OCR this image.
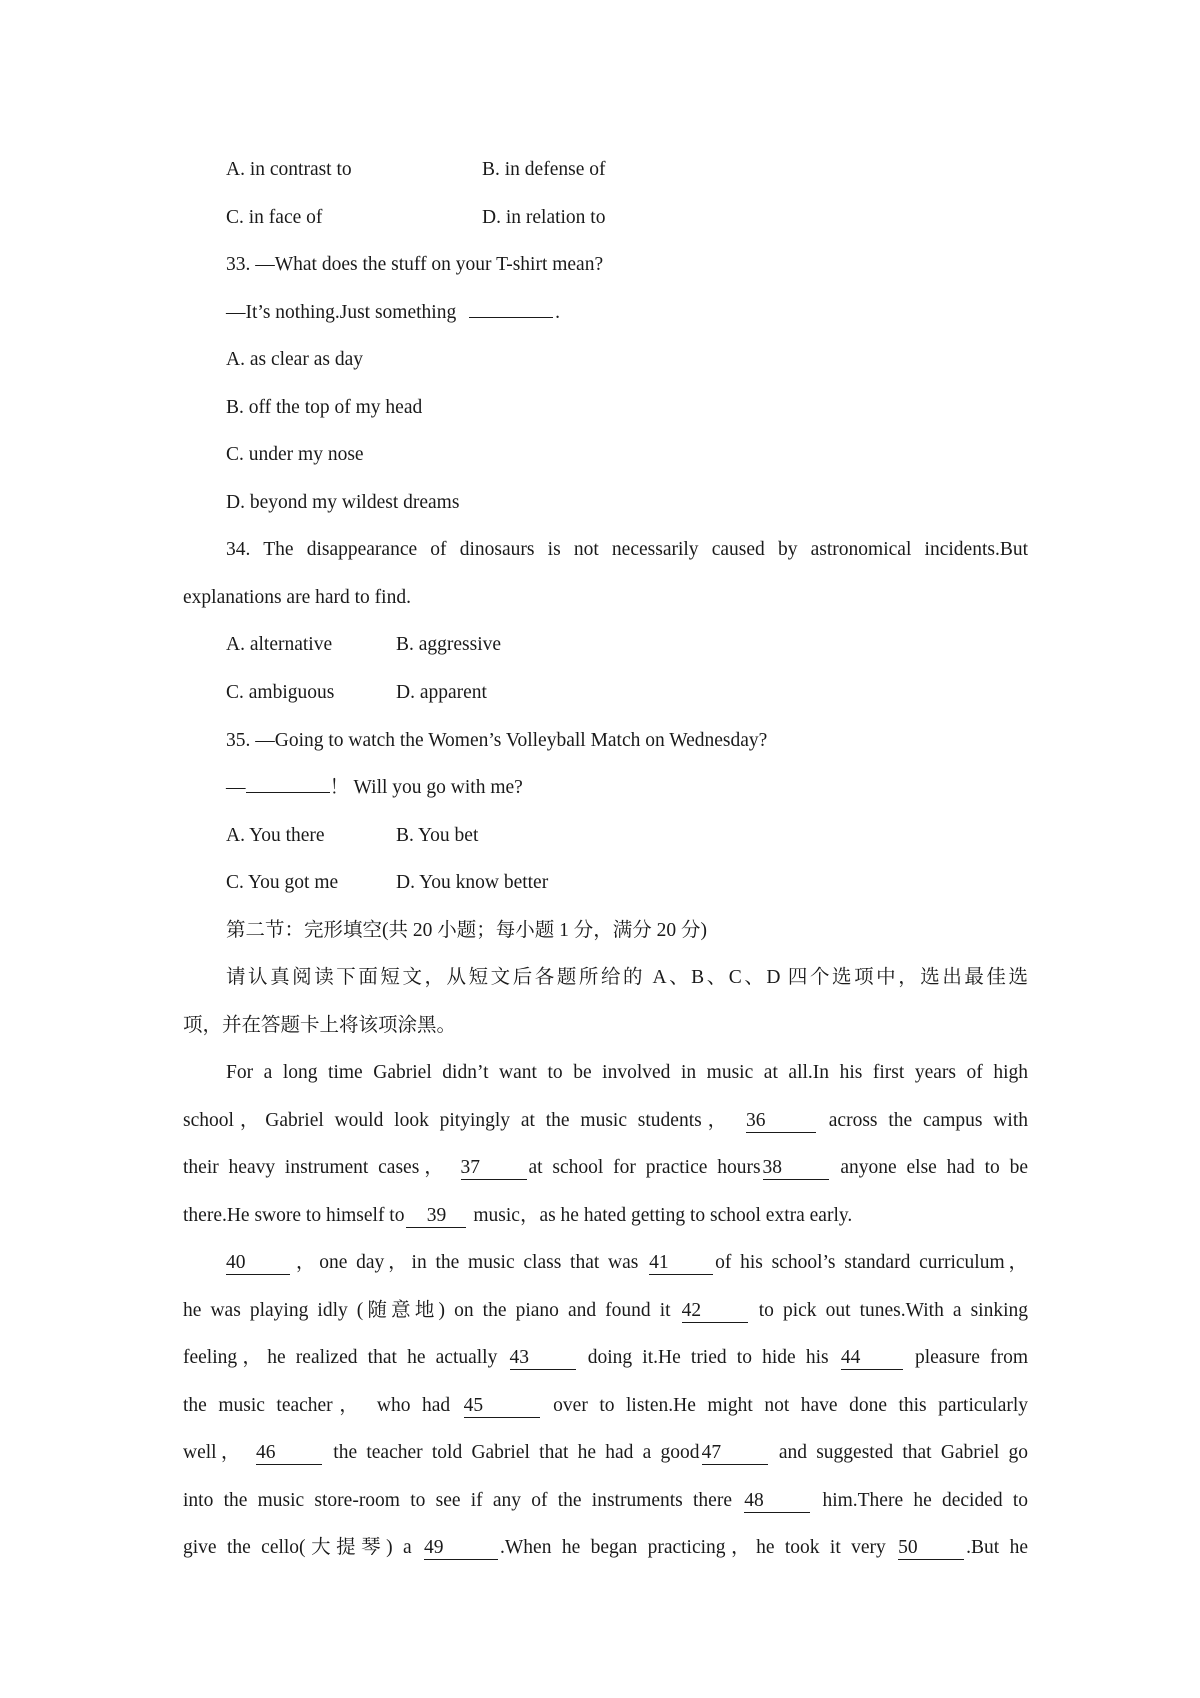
A. in contrast to	B. in defense of
C. in face of	D. in relation to
33. —What does the stuff on your T-shirt mean?
—It’s nothing.Just something	.
A. as clear as day
B. off the top of my head
C. under my nose
D. beyond my wildest dreams
34. The disappearance of dinosaurs is not necessarily caused by astronomical incidents.But
explanations are hard to find.
A. alternative	B. aggressive
C. ambiguous	D. apparent
35. —Going to watch the Women’s Volleyball Match on Wednesday?
—	！ Will you go with me?
A. You there	B. You bet
C. You got me	D. You know better
第二节：完形填空(共 20 小题；每小题 1 分，满分 20 分)
请认真阅读下面短文，从短文后各题所给的 A、B、C、D 四个选项中，选出最佳选
项，并在答题卡上将该项涂黑。
For a long time Gabriel didn’t want to be involved in music at all.In his first years of high
school，Gabriel would look pityingly at the music students， 36	across the campus with
their heavy instrument cases， 37 at school for practice hours 38	anyone else had to be
there.He swore to himself to 39 music，as he hated getting to school extra early.
40 ，one day，in the music class that was 41 of his school’s standard curriculum，
he was playing idly (随意地) on the piano and found it 42	to pick out tunes.With a sinking
feeling，he realized that he actually 43	doing it.He tried to hide his 44	pleasure from
the music teacher， who had 45	over to listen.He might not have done this particularly
well， 46	the teacher told Gabriel that he had a good 47	and suggested that Gabriel go
into the music store-room to see if any of the instruments there 48	him.There he decided to
give the cello(大提琴) a 49	.When he began practicing，he took it very 50 .But he
